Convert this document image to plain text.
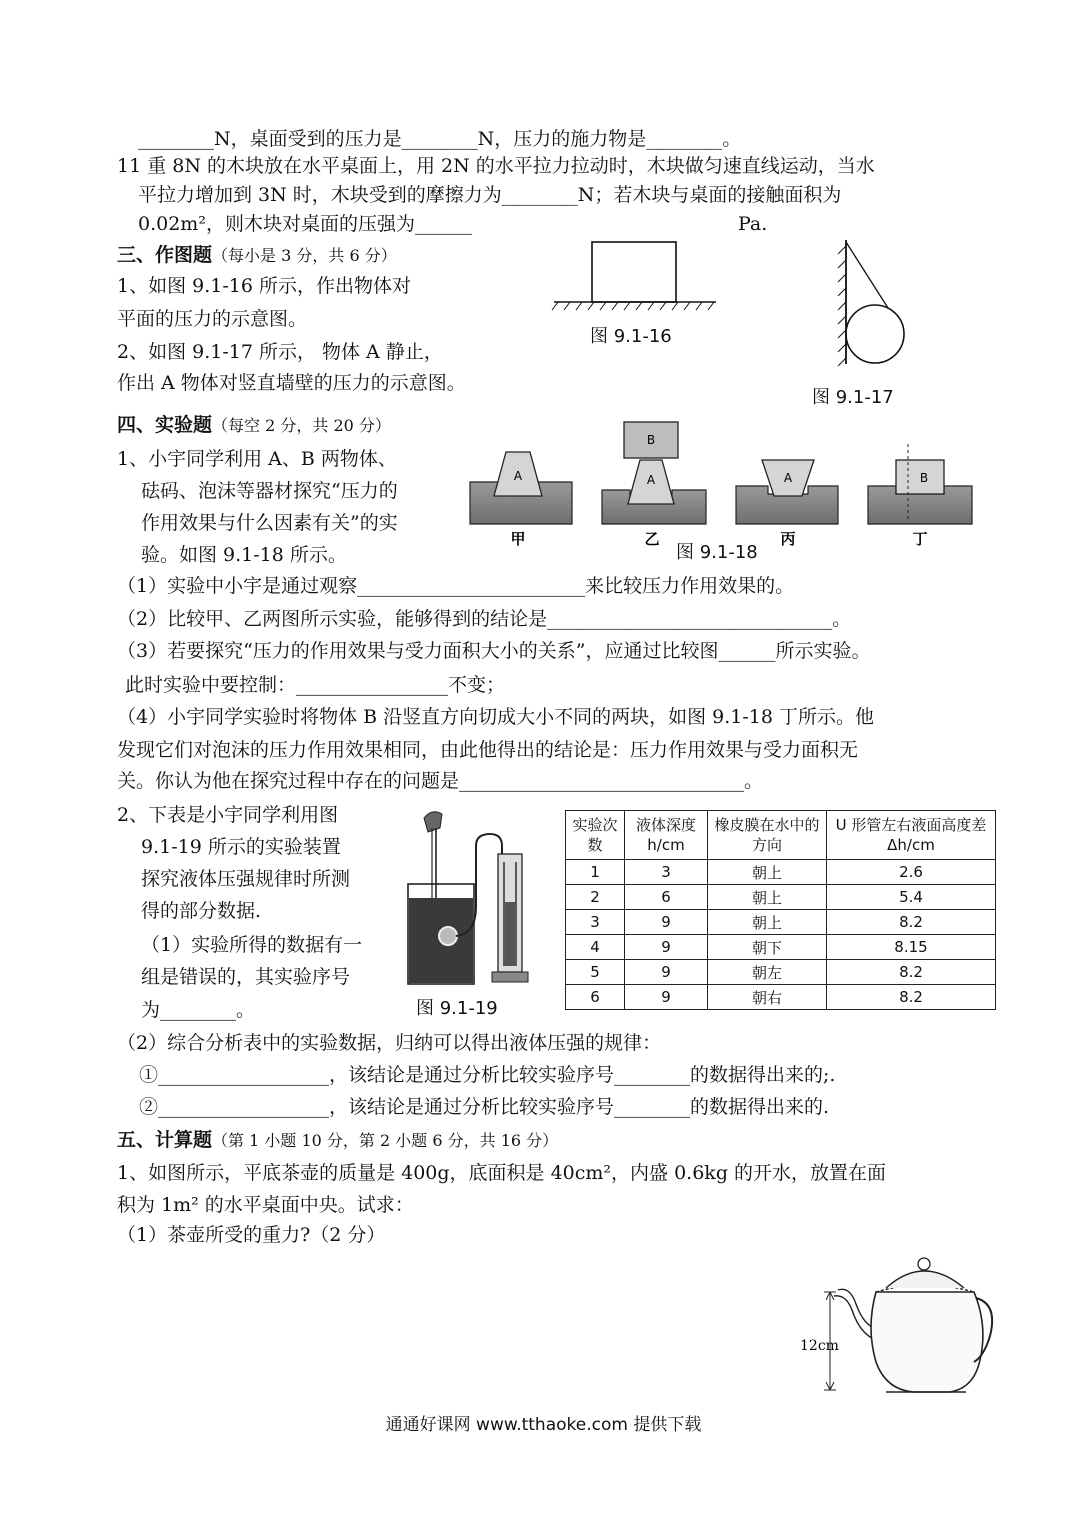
________N，桌面受到的压力是________N，压力的施力物是________。
11 重 8N 的木块放在水平桌面上，用 2N 的水平拉力拉动时，木块做匀速直线运动，当水
平拉力增加到 3N 时，木块受到的摩擦力为________N；若木块与桌面的接触面积为
0.02m²，则木块对桌面的压强为______	Pa.
三、作图题（每小是 3 分，共 6 分）
1、如图 9.1-16 所示，作出物体对
平面的压力的示意图。
2、如图 9.1-17 所示， 物体 A 静止，
作出 A 物体对竖直墙壁的压力的示意图。
图 9.1-16
图 9.1-17
四、实验题（每空 2 分，共 20 分）
1、小宇同学利用 A、B 两物体、
砝码、泡沫等器材探究“压力的
作用效果与什么因素有关”的实
验。如图 9.1-18 所示。
A
B
A	A	B
甲	乙	丙	丁
图 9.1-18
（1）实验中小宇是通过观察________________________来比较压力作用效果的。
（2）比较甲、乙两图所示实验，能够得到的结论是______________________________。
（3）若要探究“压力的作用效果与受力面积大小的关系”，应通过比较图______所示实验。
此时实验中要控制：________________不变；
（4）小宇同学实验时将物体 B 沿竖直方向切成大小不同的两块，如图 9.1-18 丁所示。他
发现它们对泡沫的压力作用效果相同，由此他得出的结论是：压力作用效果与受力面积无
关。你认为他在探究过程中存在的问题是______________________________。
2、下表是小宇同学利用图
9.1-19 所示的实验装置
探究液体压强规律时所测
得的部分数据.
（1）实验所得的数据有一
组是错误的，其实验序号
为________。	图 9.1-19
实验次数	液体深度 h/cm	橡皮膜在水中的方向	U 形管左右液面高度差Δh/cm
1	3	朝上	2.6
2	6	朝上	5.4
3	9	朝上	8.2
4	9	朝下	8.15
5	9	朝左	8.2
6	9	朝右	8.2
（2）综合分析表中的实验数据，归纳可以得出液体压强的规律：
①__________________，该结论是通过分析比较实验序号________的数据得出来的;.
②__________________，该结论是通过分析比较实验序号________的数据得出来的.
五、计算题（第 1 小题 10 分，第 2 小题 6 分，共 16 分）
1、如图所示，平底茶壶的质量是 400g，底面积是 40cm²，内盛 0.6kg 的开水，放置在面
积为 1m² 的水平桌面中央。试求：
（1）茶壶所受的重力?（2 分）
12cm
通通好课网 www.tthaoke.com 提供下载
